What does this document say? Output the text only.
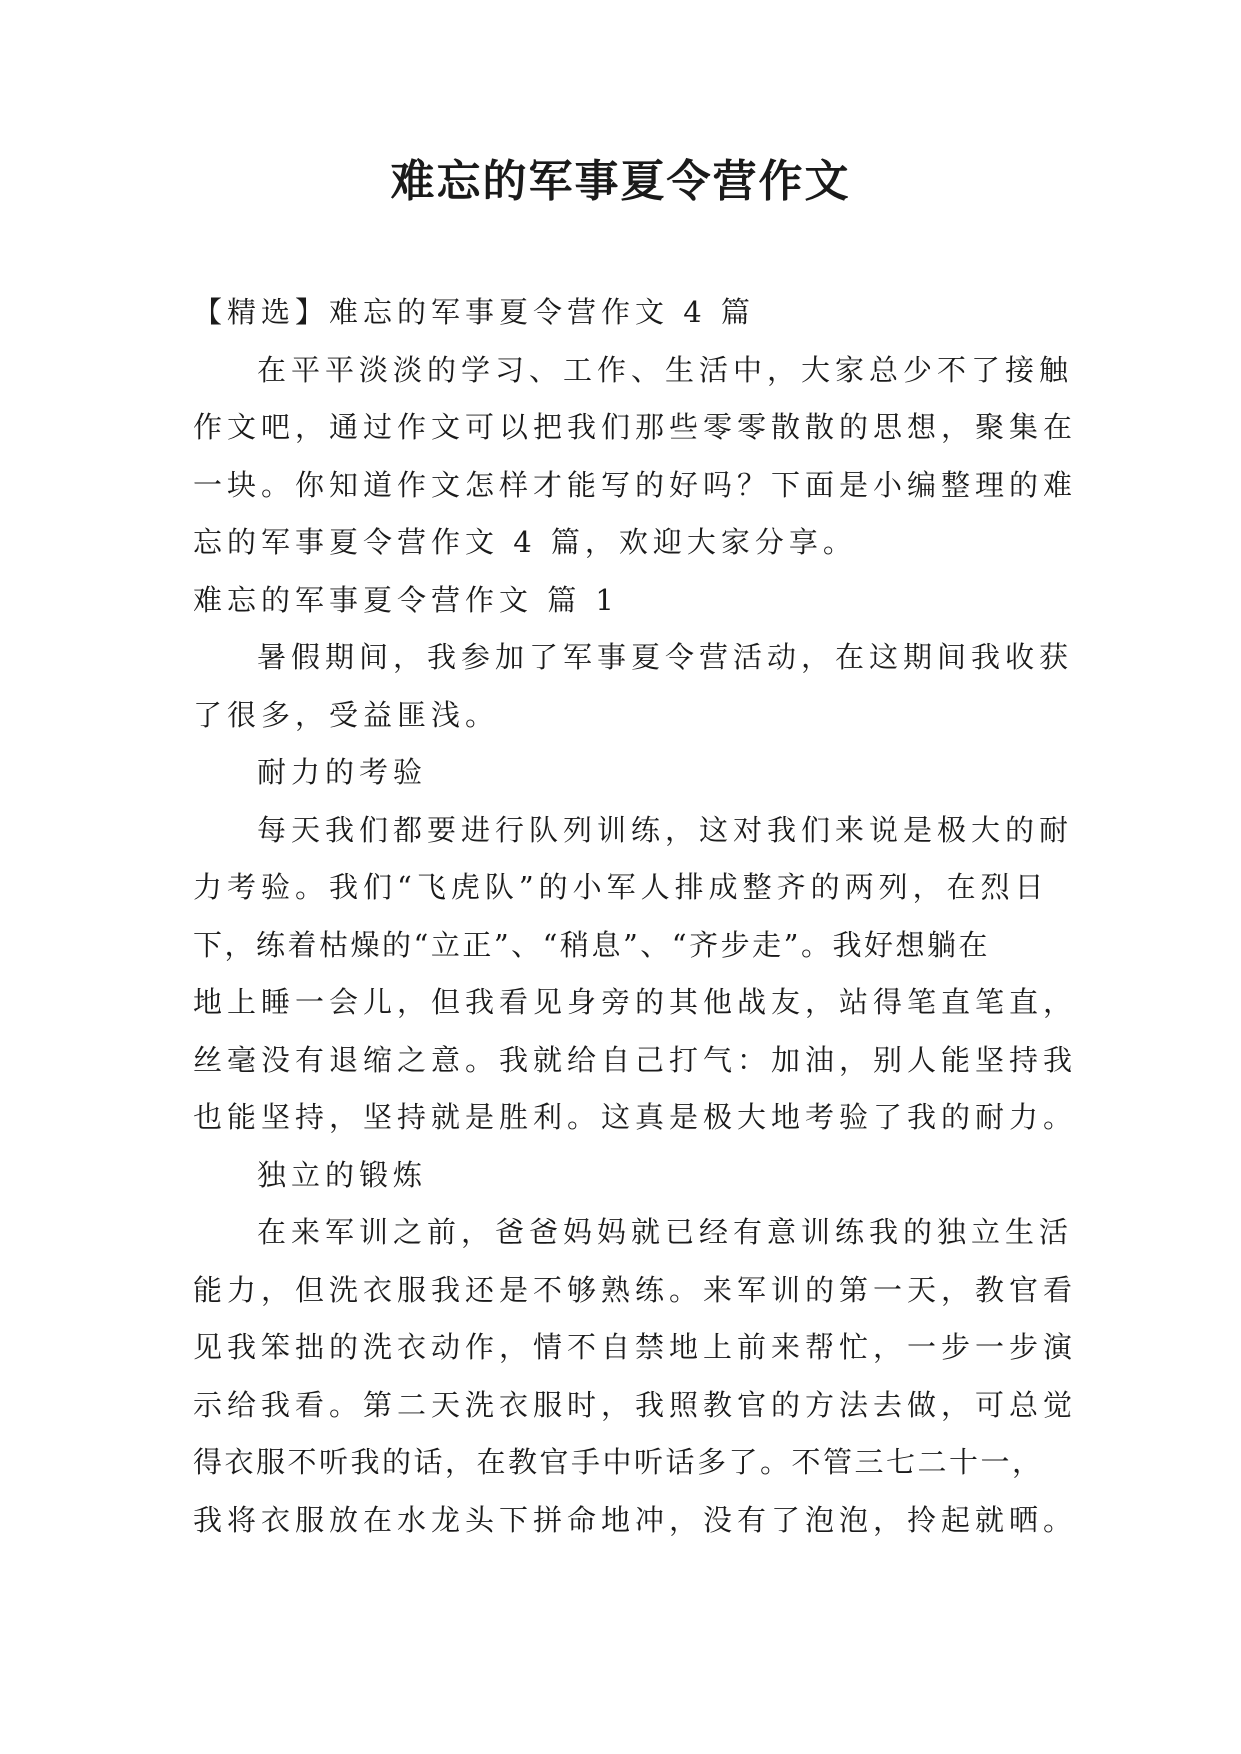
难忘的军事夏令营作文
【精选】难忘的军事夏令营作文 4 篇
在平平淡淡的学习、工作、生活中，大家总少不了接触
作文吧，通过作文可以把我们那些零零散散的思想，聚集在
一块。你知道作文怎样才能写的好吗？下面是小编整理的难
忘的军事夏令营作文 4 篇，欢迎大家分享。
难忘的军事夏令营作文 篇 1
暑假期间，我参加了军事夏令营活动，在这期间我收获
了很多，受益匪浅。
耐力的考验
每天我们都要进行队列训练，这对我们来说是极大的耐
力考验。我们“飞虎队”的小军人排成整齐的两列，在烈日
下，练着枯燥的“立正”、“稍息”、“齐步走”。我好想躺在
地上睡一会儿，但我看见身旁的其他战友，站得笔直笔直，
丝毫没有退缩之意。我就给自己打气：加油，别人能坚持我
也能坚持，坚持就是胜利。这真是极大地考验了我的耐力。
独立的锻炼
在来军训之前，爸爸妈妈就已经有意训练我的独立生活
能力，但洗衣服我还是不够熟练。来军训的第一天，教官看
见我笨拙的洗衣动作，情不自禁地上前来帮忙，一步一步演
示给我看。第二天洗衣服时，我照教官的方法去做，可总觉
得衣服不听我的话，在教官手中听话多了。不管三七二十一，
我将衣服放在水龙头下拼命地冲，没有了泡泡，拎起就晒。
